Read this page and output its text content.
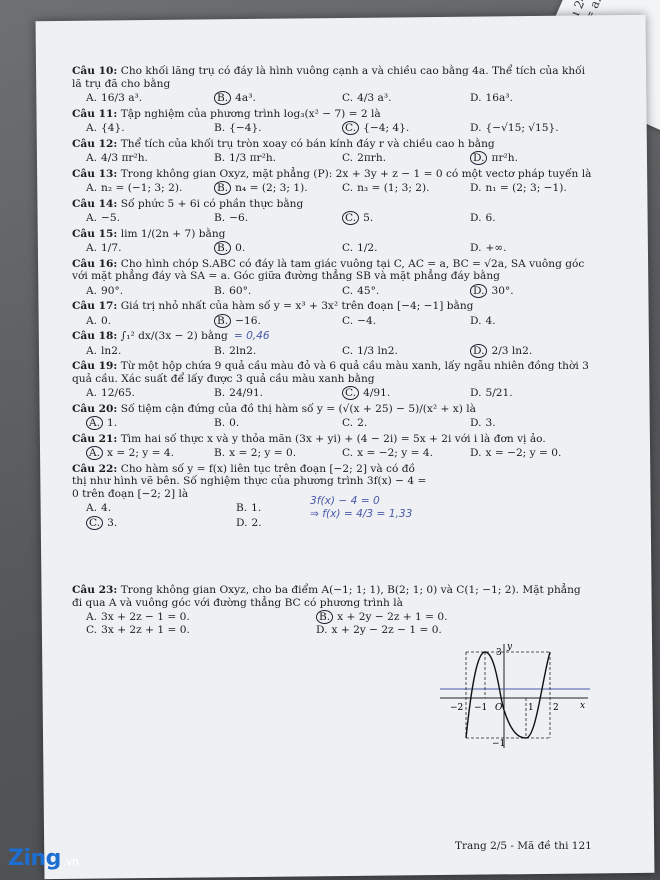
Câu 10: Cho khối lăng trụ có đáy là hình vuông cạnh a và chiều cao bằng 4a. Thể tích của khối lă trụ đã cho bằng
A. 16/3 a³.	B. 4a³.	C. 4/3 a³.	D. 16a³.
Câu 11: Tập nghiệm của phương trình log₃(x² − 7) = 2 là
A. {4}.	B. {−4}.	C. {−4; 4}.	D. {−√15; √15}.
Câu 12: Thể tích của khối trụ tròn xoay có bán kính đáy r và chiều cao h bằng
A. 4/3 πr²h.	B. 1/3 πr²h.	C. 2πrh.	D. πr²h.
Câu 13: Trong không gian Oxyz, mặt phẳng (P): 2x + 3y + z − 1 = 0 có một vectơ pháp tuyến là
A. n₂ = (−1; 3; 2).	B. n₄ = (2; 3; 1).	C. n₃ = (1; 3; 2).	D. n₁ = (2; 3; −1).
Câu 14: Số phức 5 + 6i có phần thực bằng
A. −5.	B. −6.	C. 5.	D. 6.
Câu 15: lim 1/(2n + 7) bằng
A. 1/7.	B. 0.	C. 1/2.	D. +∞.
Câu 16: Cho hình chóp S.ABC có đáy là tam giác vuông tại C, AC = a, BC = √2a, SA vuông góc với mặt phẳng đáy và SA = a. Góc giữa đường thẳng SB và mặt phẳng đáy bằng
A. 90°.	B. 60°.	C. 45°.	D. 30°.
Câu 17: Giá trị nhỏ nhất của hàm số y = x³ + 3x² trên đoạn [−4; −1] bằng
A. 0.	B. −16.	C. −4.	D. 4.
Câu 18: ∫₁² dx/(3x − 2) bằng = 0,46
A. ln2.	B. 2ln2.	C. 1/3 ln2.	D. 2/3 ln2.
Câu 19: Từ một hộp chứa 9 quả cầu màu đỏ và 6 quả cầu màu xanh, lấy ngẫu nhiên đồng thời 3 quả cầu. Xác suất để lấy được 3 quả cầu màu xanh bằng
A. 12/65.	B. 24/91.	C. 4/91.	D. 5/21.
Câu 20: Số tiệm cận đứng của đồ thị hàm số y = (√(x + 25) − 5)/(x² + x) là
A. 1.	B. 0.	C. 2.	D. 3.
Câu 21: Tìm hai số thực x và y thỏa mãn (3x + yi) + (4 − 2i) = 5x + 2i với i là đơn vị ảo.
A. x = 2; y = 4.	B. x = 2; y = 0.	C. x = −2; y = 4.	D. x = −2; y = 0.
Câu 22: Cho hàm số y = f(x) liên tục trên đoạn [−2; 2] và có đồ thị như hình vẽ bên. Số nghiệm thực của phương trình 3f(x) − 4 = 0 trên đoạn [−2; 2] là
A. 4.	B. 1.
C. 3.	D. 2.
3f(x) − 4 = 0
⇒ f(x) = 4/3 = 1,33
Câu 23: Trong không gian Oxyz, cho ba điểm A(−1; 1; 1), B(2; 1; 0) và C(1; −1; 2). Mặt phẳng đi qua A và vuông góc với đường thẳng BC có phương trình là
A. 3x + 2z − 1 = 0.	B. x + 2y − 2z + 1 = 0.
C. 3x + 2z + 1 = 0.	D. x + 2y − 2z − 1 = 0.
y
x
3
−1
−2 −1 O	1 2
Trang 2/5 - Mã đề thi 121
Zing .vn
